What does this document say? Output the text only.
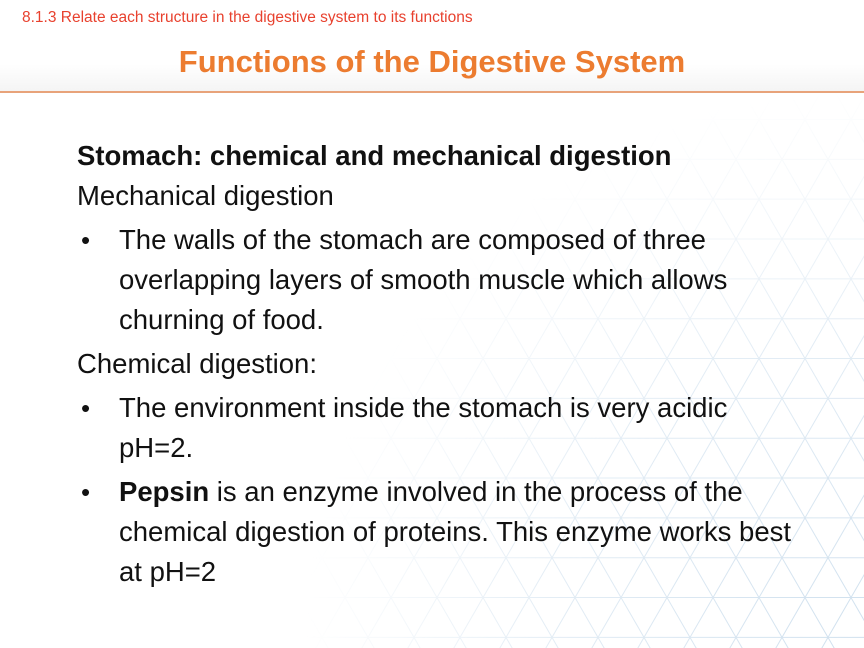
8.1.3 Relate each structure in the digestive system to its functions
Functions of the Digestive System

Stomach: chemical and mechanical digestion

Mechanical digestion

• The walls of the stomach are composed of three overlapping layers of smooth muscle which allows churning of food.

Chemical digestion:

• The environment inside the stomach is very acidic pH=2.
• Pepsin is an enzyme involved in the process of the chemical digestion of proteins. This enzyme works best at pH=2
